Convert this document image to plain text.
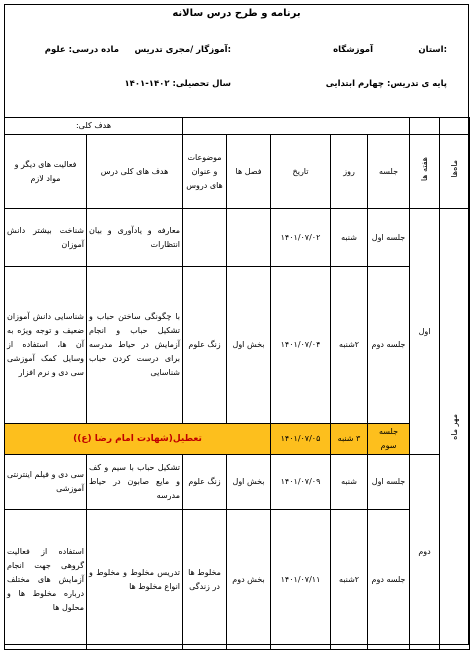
برنامه و طرح درس سالانه
استان:
آموزشگاه
آموزگار /مجری تدریس:
ماده درسی: علوم
پایه ی تدریس: چهارم ابتدایی
سال تحصیلی: ۱۴۰۲-۱۴۰۱
							هدف کلی:	
ماه‌ها	هفته ها	جلسه	روز	تاریخ	فصل ها	موضوعات و عنوان های دروس	هدف های کلی درس	فعالیت های دیگر و مواد لازم
مهر ماه	اول	جلسه اول	شنبه	۱۴۰۱/۰۷/۰۲			معارفه و یادآوری و بیان انتظارات	شناخت بیشتر دانش آموزان
		جلسه دوم	۲شنبه	۱۴۰۱/۰۷/۰۴	بخش اول	زنگ علوم	با چگونگی ساختن حباب و تشکیل حباب و انجام آزمایش در حیاط مدرسه برای درست کردن حباب شناسایی	شناسایی دانش آموزان ضعیف و توجه ویژه به آن ها، استفاده از وسایل کمک آموزشی سی دی و نرم افزار
		جلسه سوم	۳ شنبه	۱۴۰۱/۰۷/۰۵	تعطیل(شهادت امام رضا (ع))			
	دوم	جلسه اول	شنبه	۱۴۰۱/۰۷/۰۹	بخش اول	زنگ علوم	تشکیل حباب با سیم و کف و مایع صابون در حیاط مدرسه	سی دی و فیلم اینترنتی آموزشی
		جلسه دوم	۲شنبه	۱۴۰۱/۰۷/۱۱	بخش دوم	مخلوط ها در زندگی	تدریس مخلوط و مخلوط و انواع مخلوط ها	استفاده از فعالیت گروهی جهت انجام آزمایش های مختلف درباره مخلوط ها و محلول ها
